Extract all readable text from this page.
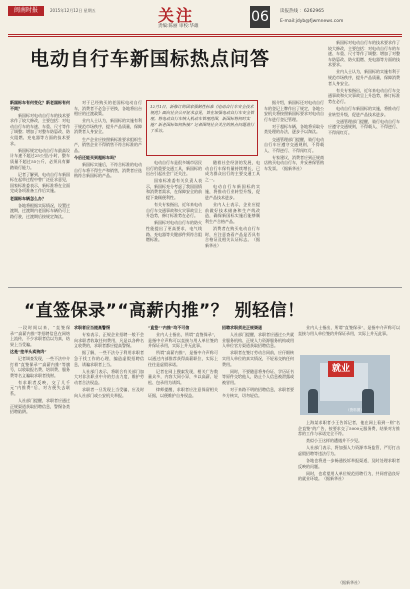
闽南时报	2015年12月12日 星期五	关注
责编:陈丽 审校:华雄
06 读报热线 ：6262965
E-mail:jdyb@fjwmnews.com
电动自行车新国标热点问答
12月1日，新修订的国家强制性标准《电动自行车安全技术规范》面向社会公开征求意见，旨在加强电动自行车安全管理。将电动自行车纳入机动车管理范围，新国标将何时实施？新老国标如何衔接？记者围绕社会关注的热点问题进行了采访。

新国标车有何变化？新老国标有何不同？

新国标对电动自行车的技术要求作了较大修改，主要包括：对电动自行车的车速、车重、尺寸等作了调整；增加了对整车防篡改、防火阻燃、充电器等方面的技术要求。

新国标规定电动自行车最高设计车速不超过25公里/小时，整车质量不超过55公斤，必须具有脚踏骑行能力。

记者了解到，电动自行车新国标在起草过程中曾广泛征求意见，国家标准委表示，新标准将在全面完成各项准备工作后实施。

老国标车辆怎么办？

各地将根据实际情况，设置过渡期，过渡期内老国标车辆仍可上路行驶，过渡期后按规定淘汰。

对于已经购买的老国标电动自行车，消费者不必急于更换，各地将出台相应的过渡政策。

业内人士认为，新国标的实施有利于规范市场秩序，提升产品质量，保障消费者人身安全。

生产企业应按照新标准要求组织生产，销售企业不得销售不符合标准的产品。

今后还能买到超标车吗？

新国标实施后，不符合标准的电动自行车将不得生产和销售，消费者应选购符合新国标的产品。

电动自行车是很多城市居民出行的重要交通工具，新国标的出台引起社会广泛关注。

国家标准委有关负责人表示，新国标充分考虑了我国国情和消费者需求，在保障安全的前提下兼顾便利性。

有关专家指出，近年来电动自行车交通事故和火灾事故呈上升趋势，修订标准势在必行。

新国标对电动自行车的防火性能提出了更高要求，电气线路、充电器等关键部件须符合阻燃标准。

随着社会经济的发展，电动自行车保有量持续增长，已成为群众出行的主要交通工具之一。

电动自行车新国标的实施，将推动行业转型升级，促进产品技术进步。

业内人士表示，企业应提前做好技术储备和生产线改造，确保新国标实施后能够顺利生产合格产品。

消费者在购买电动自行车时，应注意查看产品是否具有合格证及相关认证标志。（据新华社）

据介绍，新国标还对电动自行车的登记上牌作出了规定，各地公安机关将按照新国标要求对电动自行车进行登记管理。

对于超标车辆，各地将采取分类处理的办法，逐步予以淘汰。

交通管理部门提醒，骑行电动自行车应遵守交通规则，不得载人、不得逆行、不得闯红灯。

专家建议，消费者应到正规商店购买电动自行车，并妥善保管购车发票。（据新华社）

新国标对电动自行车的技术要求作了较大修改，主要包括：对电动自行车的车速、车重、尺寸等作了调整；增加了对整车防篡改、防火阻燃、充电器等方面的技术要求。

业内人士认为，新国标的实施有利于规范市场秩序，提升产品质量，保障消费者人身安全。

有关专家指出，近年来电动自行车交通事故和火灾事故呈上升趋势，修订标准势在必行。

电动自行车新国标的实施，将推动行业转型升级，促进产品技术进步。

交通管理部门提醒，骑行电动自行车应遵守交通规则，不得载人、不得逆行、不得闯红灯。

“直签保录”“高薪内推”？ 别轻信！

一段时间以来，“直签保录”“高薪内推”等招聘信息在网络上流传，不少求职者信以为真，结果上当受骗。

这是“挂羊头卖狗肉”

记者调查发现，一些不法中介打着“直签保录”“高薪内推”等旗号，以收取报名费、培训费、服务费等名义骗取求职者钱财。

有求职者反映，交了几千元“内推费”后，对方便失去联系。

人社部门提醒，求职者应通过正规渠道获取招聘信息，警惕各类招聘陷阱。

求职者应当提高警惕

专家表示，正规企业招聘一般不会向求职者收取任何费用，凡是以各种名义收费的，求职者都应提高警惕。

据了解，一些不法分子利用求职者急于找工作的心理，编造虚假招聘信息，诱骗求职者上当。

人社部门表示，将联合有关部门加大对非法职业中介的打击力度，维护劳动者合法权益。

求职者一旦发现上当受骗，应及时向人社部门或公安机关举报。

“直签”“内推”均不可信

业内人士指出，所谓“直签保录”，是指中介声称可以直接与用人单位签约并保证录用，实际上并无此事。

所谓“高薪内推”，是指中介声称可以通过内部推荐获得高薪职位，实际上往往是虚假承诺。

记者在网上搜索发现，相关广告数量众多，内容大同小异，多以高薪、轻松、包录用为诱饵。

律师提醒，求职者应注意保留相关证据，以便维护自身权益。

招聘求职须走正规渠道

人社部门提醒，求职者应通过公共就业服务机构、正规人力资源服务机构或用人单位官方渠道获取招聘信息。

求职者在签订劳动合同前，应仔细核实用人单位的真实情况，不轻易交纳任何费用。

同时，不要随意将身份证、学历证书等原件交给他人，防止个人信息被泄露或被冒用。

对于来路不明的招聘信息，求职者要多方核实，切勿轻信。

就业
（资料图）

上海某求职者小王告诉记者，他在网上看到一则“名企直签”的广告，按要求交了5000元服务费，结果对方推荐的工作与承诺完全不符。

类似小王这样的遭遇并不少见。

人社部门表示，将加强人力资源市场监管，严厉打击虚假招聘等违法行为。

各地也将进一步畅通投诉举报渠道，及时处理求职者反映的问题。

同时，也希望用人单位规范招聘行为，共同营造良好的就业环境。（据新华社）

业内人士指出，所谓“直签保录”，是指中介声称可以直接与用人单位签约并保证录用，实际上并无此事。

（据新华社）
